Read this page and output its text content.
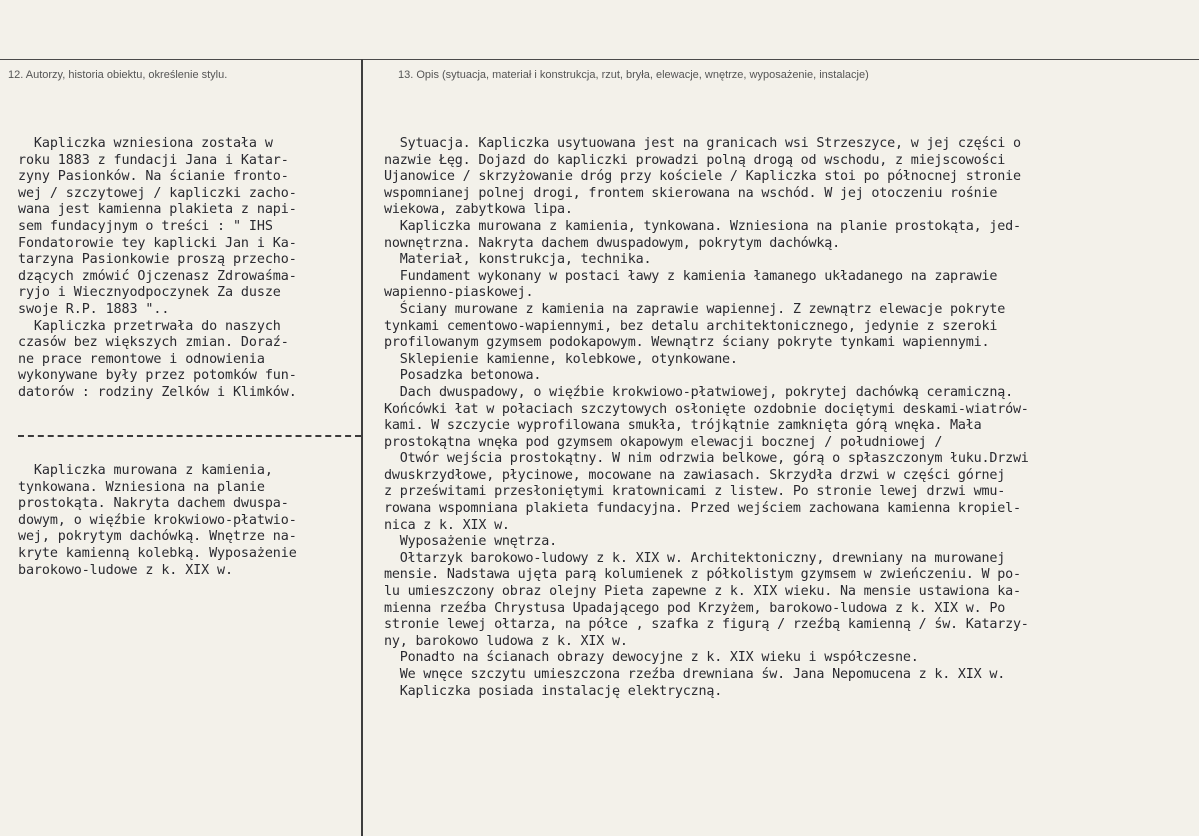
12. Autorzy, historia obiektu, określenie stylu.	13. Opis (sytuacja, materiał i konstrukcja, rzut, bryła, elewacje, wnętrze, wyposażenie, instalacje)
Kapliczka wzniesiona została w
roku 1883 z fundacji Jana i Katar-
zyny Pasionków. Na ścianie fronto-
wej / szczytowej / kapliczki zacho-
wana jest kamienna plakieta z napi-
sem fundacyjnym o treści : " IHS
Fondatorowie tey kaplicki Jan i Ka-
tarzyna Pasionkowie proszą przecho-
dzących zmówić Ojczenasz Zdrowaśma-
ryjo i Wiecznyodpoczynek Za dusze
swoje R.P. 1883 "..
Kapliczka przetrwała do naszych
czasów bez większych zmian. Doraź-
ne prace remontowe i odnowienia
wykonywane były przez potomków fun-
datorów : rodziny Zelków i Klimków.
Kapliczka murowana z kamienia,
tynkowana. Wzniesiona na planie
prostokąta. Nakryta dachem dwuspa-
dowym, o więźbie krokwiowo-płatwio-
wej, pokrytym dachówką. Wnętrze na-
kryte kamienną kolebką. Wyposażenie
barokowo-ludowe z k. XIX w.
Sytuacja. Kapliczka usytuowana jest na granicach wsi Strzeszyce, w jej części o
nazwie Łęg. Dojazd do kapliczki prowadzi polną drogą od wschodu, z miejscowości
Ujanowice / skrzyżowanie dróg przy kościele / Kapliczka stoi po północnej stronie
wspomnianej polnej drogi, frontem skierowana na wschód. W jej otoczeniu rośnie
wiekowa, zabytkowa lipa.
Kapliczka murowana z kamienia, tynkowana. Wzniesiona na planie prostokąta, jed-
nownętrzna. Nakryta dachem dwuspadowym, pokrytym dachówką.
Materiał, konstrukcja, technika.
Fundament wykonany w postaci ławy z kamienia łamanego układanego na zaprawie
wapienno-piaskowej.
Ściany murowane z kamienia na zaprawie wapiennej. Z zewnątrz elewacje pokryte
tynkami cementowo-wapiennymi, bez detalu architektonicznego, jedynie z szeroki
profilowanym gzymsem podokapowym. Wewnątrz ściany pokryte tynkami wapiennymi.
Sklepienie kamienne, kolebkowe, otynkowane.
Posadzka betonowa.
Dach dwuspadowy, o więźbie krokwiowo-płatwiowej, pokrytej dachówką ceramiczną.
Końcówki łat w połaciach szczytowych osłonięte ozdobnie dociętymi deskami-wiatrów-
kami. W szczycie wyprofilowana smukła, trójkątnie zamknięta górą wnęka. Mała
prostokątna wnęka pod gzymsem okapowym elewacji bocznej / południowej /
Otwór wejścia prostokątny. W nim odrzwia belkowe, górą o spłaszczonym łuku.Drzwi
dwuskrzydłowe, płycinowe, mocowane na zawiasach. Skrzydła drzwi w części górnej
z prześwitami przesłoniętymi kratownicami z listew. Po stronie lewej drzwi wmu-
rowana wspomniana plakieta fundacyjna. Przed wejściem zachowana kamienna kropiel-
nica z k. XIX w.
Wyposażenie wnętrza.
Ołtarzyk barokowo-ludowy z k. XIX w. Architektoniczny, drewniany na murowanej
mensie. Nadstawa ujęta parą kolumienek z półkolistym gzymsem w zwieńczeniu. W po-
lu umieszczony obraz olejny Pieta zapewne z k. XIX wieku. Na mensie ustawiona ka-
mienna rzeźba Chrystusa Upadającego pod Krzyżem, barokowo-ludowa z k. XIX w. Po
stronie lewej ołtarza, na półce , szafka z figurą / rzeźbą kamienną / św. Katarzy-
ny, barokowo ludowa z k. XIX w.
Ponadto na ścianach obrazy dewocyjne z k. XIX wieku i współczesne.
We wnęce szczytu umieszczona rzeźba drewniana św. Jana Nepomucena z k. XIX w.
Kapliczka posiada instalację elektryczną.
